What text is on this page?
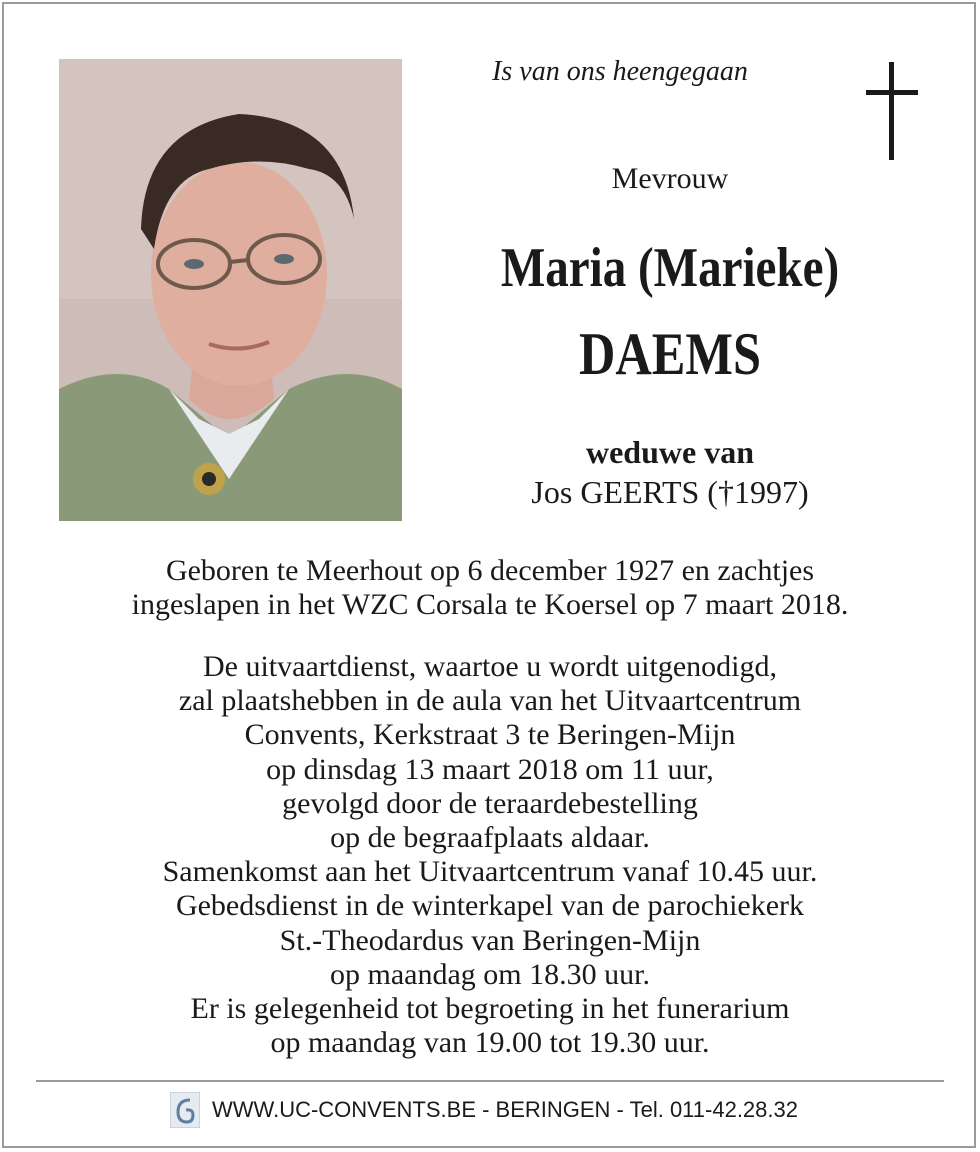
Is van ons heengegaan
Mevrouw
Maria (Marieke)
DAEMS
weduwe van
Jos GEERTS (†1997)
Geboren te Meerhout op 6 december 1927 en zachtjes
ingeslapen in het WZC Corsala te Koersel op 7 maart 2018.
De uitvaartdienst, waartoe u wordt uitgenodigd,
zal plaatshebben in de aula van het Uitvaartcentrum
Convents, Kerkstraat 3 te Beringen-Mijn
op dinsdag 13 maart 2018 om 11 uur,
gevolgd door de teraardebestelling
op de begraafplaats aldaar.
Samenkomst aan het Uitvaartcentrum vanaf 10.45 uur.
Gebedsdienst in de winterkapel van de parochiekerk
St.-Theodardus van Beringen-Mijn
op maandag om 18.30 uur.
Er is gelegenheid tot begroeting in het funerarium
op maandag van 19.00 tot 19.30 uur.
WWW.UC-CONVENTS.BE - BERINGEN - Tel. 011-42.28.32
